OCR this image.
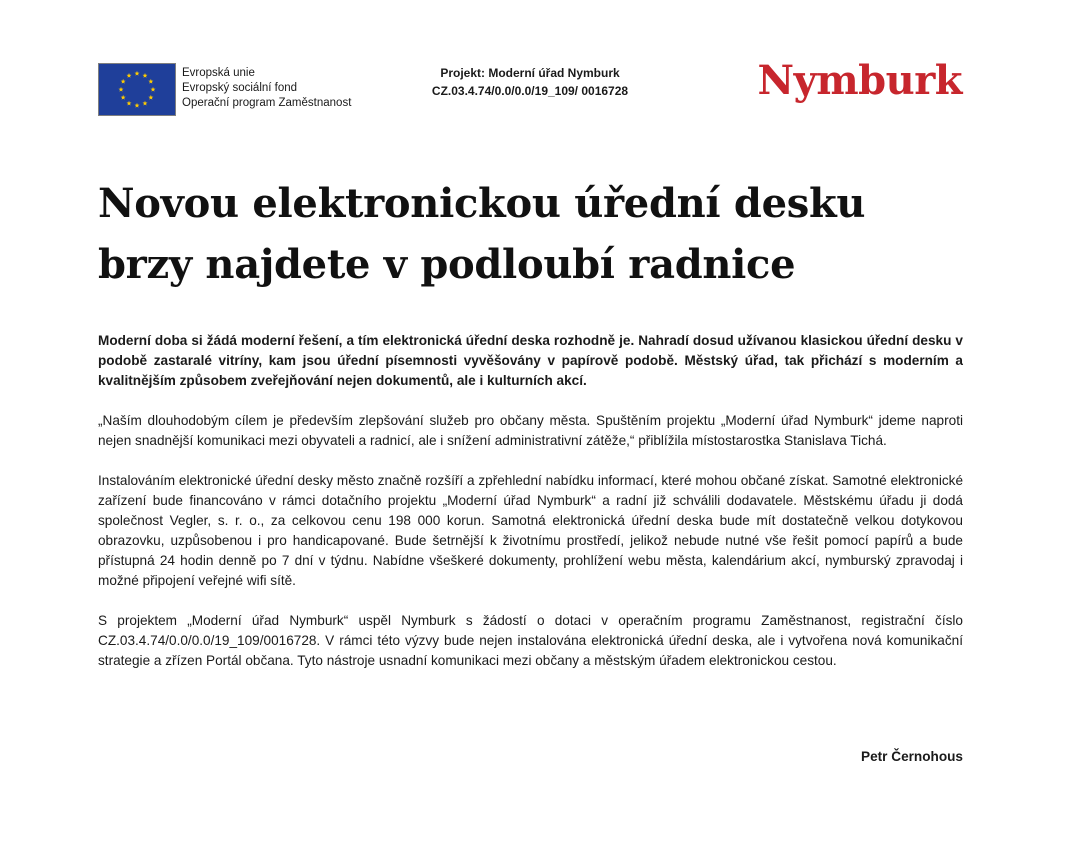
Evropská unie
Evropský sociální fond
Operační program Zaměstnanost
Projekt: Moderní úřad Nymburk
CZ.03.4.74/0.0/0.0/19_109/ 0016728	Nymburk
Novou elektronickou úřední desku
brzy najdete v podloubí radnice

Moderní doba si žádá moderní řešení, a tím elektronická úřední deska rozhodně je. Nahradí dosud užívanou klasickou úřední desku v podobě zastaralé vitríny, kam jsou úřední písemnosti vyvěšovány v papírově podobě. Městský úřad, tak přichází s moderním a kvalitnějším způsobem zveřejňování nejen dokumentů, ale i kulturních akcí.

„Naším dlouhodobým cílem je především zlepšování služeb pro občany města. Spuštěním projektu „Moderní úřad Nymburk“ jdeme naproti nejen snadnější komunikaci mezi obyvateli a radnicí, ale i snížení administrativní zátěže,“ přiblížila místostarostka Stanislava Tichá.

Instalováním elektronické úřední desky město značně rozšíří a zpřehlední nabídku informací, které mohou občané získat. Samotné elektronické zařízení bude financováno v rámci dotačního projektu „Moderní úřad Nymburk“ a radní již schválili dodavatele. Městskému úřadu ji dodá společnost Vegler, s. r. o., za celkovou cenu 198 000 korun. Samotná elektronická úřední deska bude mít dostatečně velkou dotykovou obrazovku, uzpůsobenou i pro handicapované. Bude šetrnější k životnímu prostředí, jelikož nebude nutné vše řešit pomocí papírů a bude přístupná 24 hodin denně po 7 dní v týdnu. Nabídne všeškeré dokumenty, prohlížení webu města, kalendárium akcí, nymburský zpravodaj i možné připojení veřejné wifi sítě.

S projektem „Moderní úřad Nymburk“ uspěl Nymburk s žádostí o dotaci v operačním programu Zaměstnanost, registrační číslo CZ.03.4.74/0.0/0.0/19_109/0016728. V rámci této výzvy bude nejen instalována elektronická úřední deska, ale i vytvořena nová komunikační strategie a zřízen Portál občana. Tyto nástroje usnadní komunikaci mezi občany a městským úřadem elektronickou cestou.

Petr Černohous
